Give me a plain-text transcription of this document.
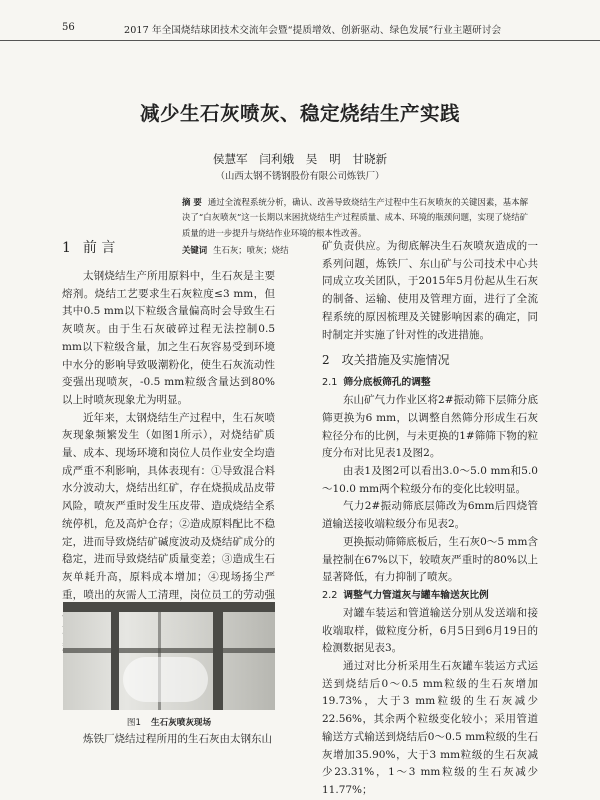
56	2017 年全国烧结球团技术交流年会暨“提质增效、创新驱动、绿色发展”行业主题研讨会
减少生石灰喷灰、稳定烧结生产实践
侯慧军 闫利娥 吴 明 甘晓新
（山西太钢不锈钢股份有限公司炼铁厂）
摘 要 通过全流程系统分析，确认、改善导致烧结生产过程中生石灰喷灰的关键因素，基本解决了“白灰喷灰”这一长期以来困扰烧结生产过程质量、成本、环境的瓶颈问题，实现了烧结矿质量的进一步提升与烧结作业环境的根本性改善。
关键词 生石灰；喷灰；烧结
1 前 言

太钢烧结生产所用原料中，生石灰是主要熔剂。烧结工艺要求生石灰粒度≤3 mm，但其中0.5 mm以下粒级含量偏高时会导致生石灰喷灰。由于生石灰破碎过程无法控制0.5 mm以下粒级含量，加之生石灰容易受到环境中水分的影响导致吸潮粉化，使生石灰流动性变强出现喷灰，-0.5 mm粒级含量达到80%以上时喷灰现象尤为明显。

近年来，太钢烧结生产过程中，生石灰喷灰现象频繁发生（如图1所示），对烧结矿质量、成本、现场环境和岗位人员作业安全均造成严重不利影响，具体表现有：①导致混合料水分波动大，烧结出红矿，存在烧损成品皮带风险，喷灰严重时发生压皮带、造成烧结全系统停机，危及高炉仓存；②造成原料配比不稳定，进而导致烧结矿碱度波动及烧结矿成分的稳定，进而导致烧结矿质量变差；③造成生石灰单耗升高，原料成本增加；④现场扬尘严重，喷出的灰需人工清理，岗位员工的劳动强

图1 生石灰喷灰现场
炼铁厂烧结过程所用的生石灰由太钢东山

矿负责供应。为彻底解决生石灰喷灰造成的一系列问题，炼铁厂、东山矿与公司技术中心共同成立攻关团队，于2015年5月份起从生石灰的制备、运输、使用及管理方面，进行了全流程系统的原因梳理及关键影响因素的确定，同时制定并实施了针对性的改进措施。

2 攻关措施及实施情况
2.1 筛分底板筛孔的调整

东山矿气力作业区将2#振动筛下层筛分底筛更换为6 mm，以调整自然筛分形成生石灰粒径分布的比例，与未更换的1#筛筛下物的粒度分布对比见表1及图2。

由表1及图2可以看出3.0～5.0 mm和5.0～10.0 mm两个粒级分布的变化比较明显。

气力2#振动筛底层筛改为6mm后四烧管道输送接收端粒级分布见表2。

更换振动筛筛底板后，生石灰0～5 mm含量控制在67%以下，较喷灰严重时的80%以上显著降低，有力抑制了喷灰。

2.2 调整气力管道灰与罐车输送灰比例

对罐车装运和管道输送分别从发送端和接收端取样，做粒度分析，6月5日到6月19日的检测数据见表3。

通过对比分析采用生石灰罐车装运方式运送到烧结后0～0.5 mm粒级的生石灰增加19.73%，大于3 mm粒级的生石灰减少22.56%，其余两个粒级变化较小；采用管道输送方式输送到烧结后0～0.5 mm粒级的生石灰增加35.90%，大于3 mm粒级的生石灰减少23.31%，1～3 mm粒级的生石灰减少11.77%；
